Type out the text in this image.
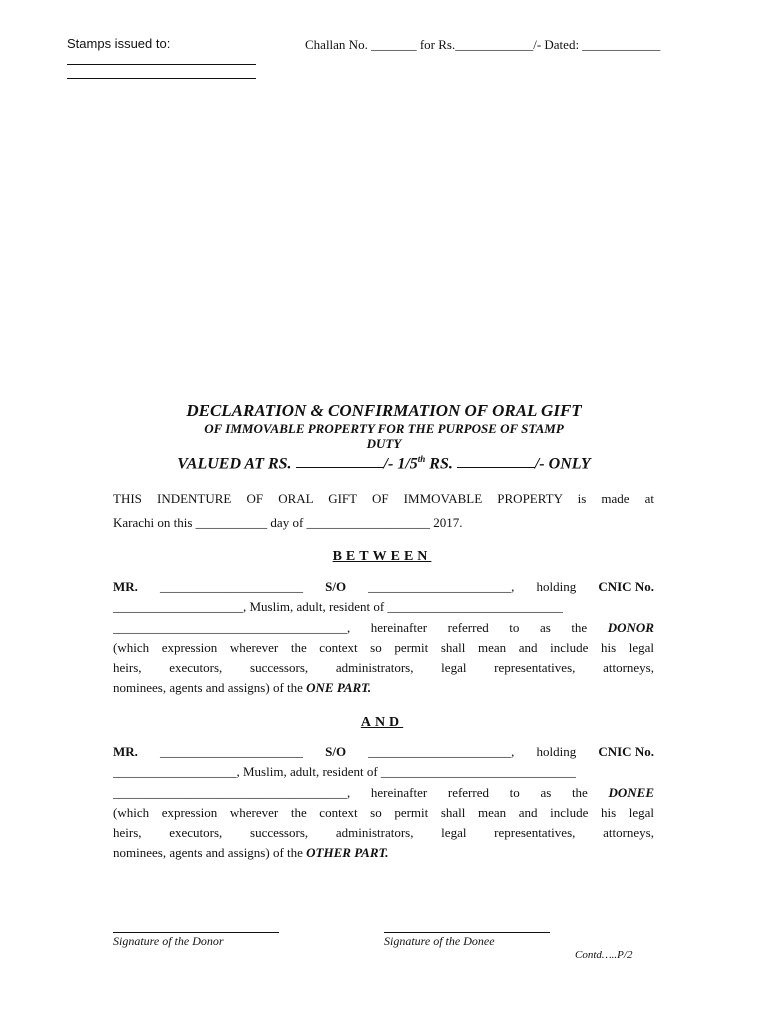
Stamps issued to:	Challan No. _______ for Rs.____________/- Dated: ____________
DECLARATION & CONFIRMATION OF ORAL GIFT
OF IMMOVABLE PROPERTY FOR THE PURPOSE OF STAMP
DUTY
VALUED AT RS.	/- 1/5th RS.	/- ONLY
THIS INDENTURE OF ORAL GIFT OF IMMOVABLE PROPERTY is made at
Karachi on this ___________ day of ___________________ 2017.
BETWEEN
MR. ______________________ S/O ______________________, holding CNIC No.
____________________, Muslim, adult, resident of ___________________________
____________________________________, hereinafter referred to as the DONOR
(which expression wherever the context so permit shall mean and include his legal
heirs, executors, successors, administrators, legal representatives, attorneys,
nominees, agents and assigns) of the ONE PART.
AND
MR. ______________________ S/O ______________________, holding CNIC No.
___________________, Muslim, adult, resident of ______________________________
____________________________________, hereinafter referred to as the DONEE
(which expression wherever the context so permit shall mean and include his legal
heirs, executors, successors, administrators, legal representatives, attorneys,
nominees, agents and assigns) of the OTHER PART.
Signature of the Donor	Signature of the Donee
Contd…..P/2
